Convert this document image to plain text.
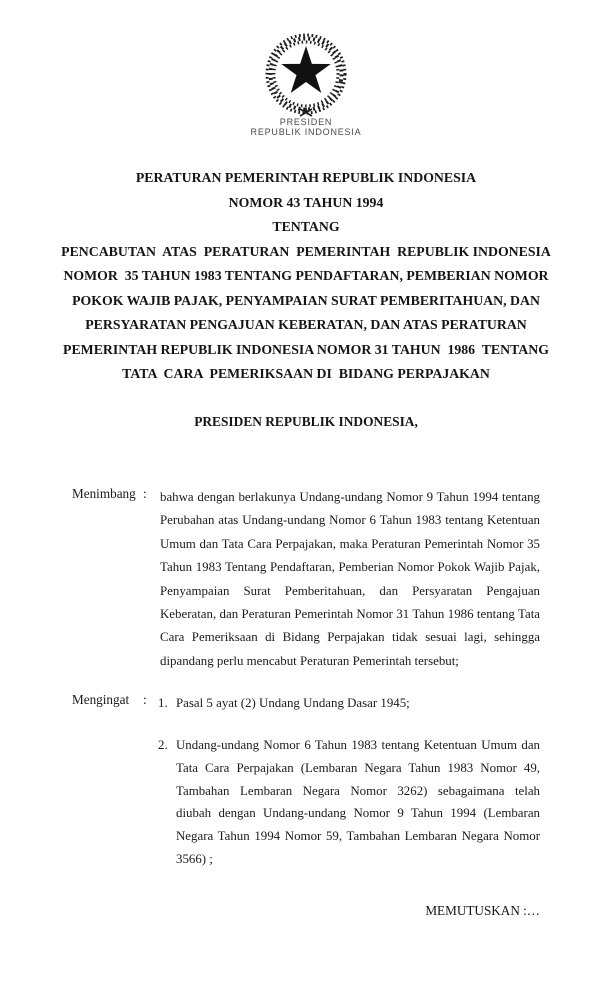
PRESIDEN
REPUBLIK INDONESIA
PERATURAN PEMERINTAH REPUBLIK INDONESIA
NOMOR 43 TAHUN 1994
TENTANG
PENCABUTAN  ATAS  PERATURAN  PEMERINTAH  REPUBLIK INDONESIA
NOMOR  35 TAHUN 1983 TENTANG PENDAFTARAN, PEMBERIAN NOMOR
POKOK WAJIB PAJAK, PENYAMPAIAN SURAT PEMBERITAHUAN, DAN
PERSYARATAN PENGAJUAN KEBERATAN, DAN ATAS PERATURAN
PEMERINTAH REPUBLIK INDONESIA NOMOR 31 TAHUN  1986  TENTANG
TATA  CARA  PEMERIKSAAN DI  BIDANG PERPAJAKAN
PRESIDEN REPUBLIK INDONESIA,
Menimbang : bahwa dengan berlakunya Undang-undang Nomor 9 Tahun 1994 tentang
Perubahan atas Undang-undang Nomor 6 Tahun 1983 tentang Ketentuan
Umum dan Tata Cara Perpajakan, maka Peraturan Pemerintah Nomor 35
Tahun 1983 Tentang Pendaftaran, Pemberian Nomor Pokok Wajib Pajak,
Penyampaian Surat Pemberitahuan, dan Persyaratan Pengajuan
Keberatan, dan Peraturan Pemerintah Nomor 31 Tahun 1986 tentang Tata
Cara Pemeriksaan di Bidang Perpajakan tidak sesuai lagi, sehingga
dipandang perlu mencabut Peraturan Pemerintah tersebut;
Mengingat : 1. Pasal 5 ayat (2) Undang Undang Dasar 1945;
2. Undang-undang Nomor 6 Tahun 1983 tentang Ketentuan Umum dan
Tata Cara Perpajakan (Lembaran Negara Tahun 1983 Nomor 49,
Tambahan Lembaran Negara Nomor 3262) sebagaimana telah
diubah dengan Undang-undang Nomor 9 Tahun 1994 (Lembaran
Negara Tahun 1994 Nomor 59, Tambahan Lembaran Negara Nomor
3566) ;
MEMUTUSKAN :…
